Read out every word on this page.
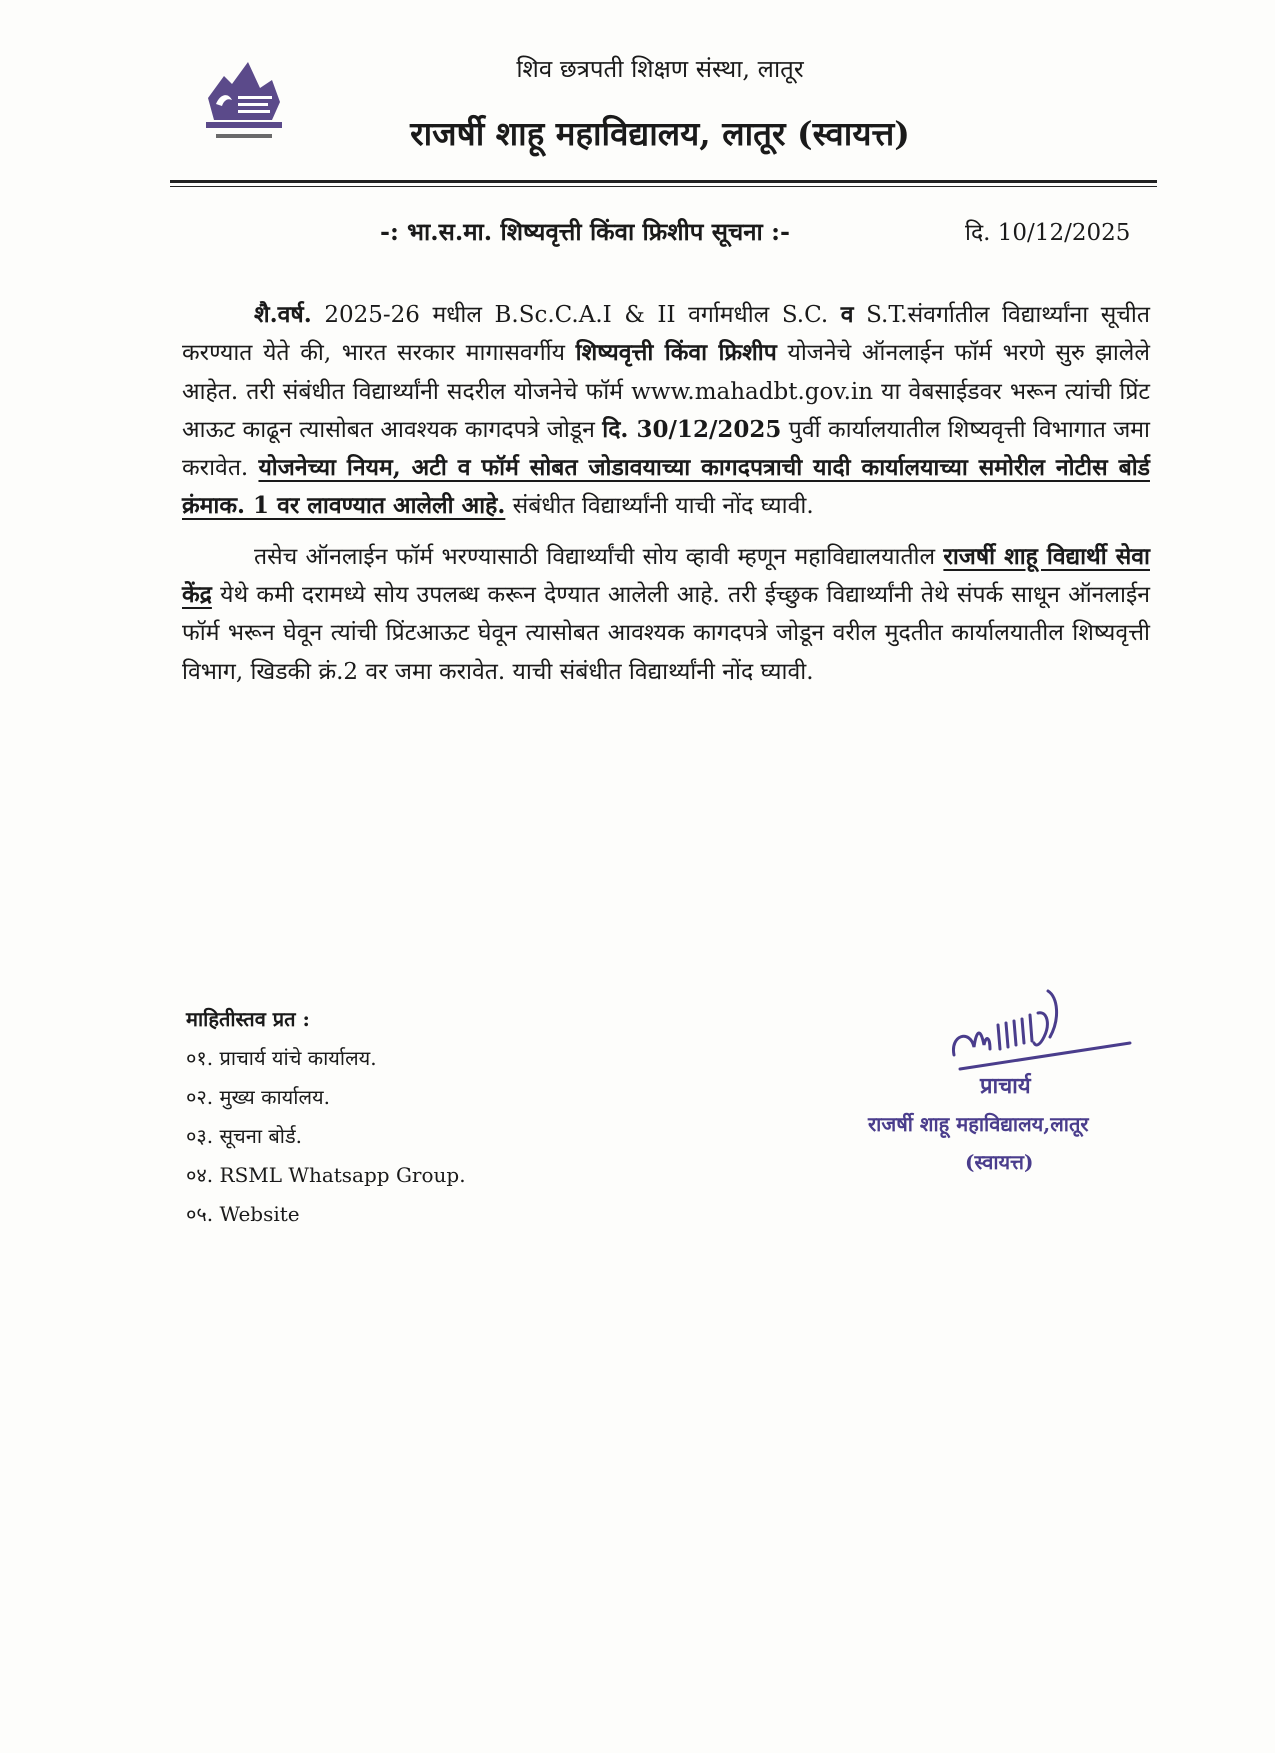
शिव छत्रपती शिक्षण संस्था, लातूर
राजर्षी शाहू महाविद्यालय, लातूर (स्वायत्त)
-: भा.स.मा. शिष्यवृत्ती किंवा फ्रिशीप सूचना :-	दि. 10/12/2025

शै.वर्ष. 2025-26 मधील B.Sc.C.A.I & II वर्गामधील S.C. व S.T.संवर्गातील विद्यार्थ्यांना सूचीत करण्यात येते की, भारत सरकार मागासवर्गीय शिष्यवृत्ती किंवा फ्रिशीप योजनेचे ऑनलाईन फॉर्म भरणे सुरु झालेले आहेत. तरी संबंधीत विद्यार्थ्यांनी सदरील योजनेचे फॉर्म www.mahadbt.gov.in या वेबसाईडवर भरून त्यांची प्रिंट आऊट काढून त्यासोबत आवश्यक कागदपत्रे जोडून दि. 30/12/2025 पुर्वी कार्यालयातील शिष्यवृत्ती विभागात जमा करावेत. योजनेच्या नियम, अटी व फॉर्म सोबत जोडावयाच्या कागदपत्राची यादी कार्यालयाच्या समोरील नोटीस बोर्ड क्रंमाक. 1 वर लावण्यात आलेली आहे. संबंधीत विद्यार्थ्यांनी याची नोंद घ्यावी.

तसेच ऑनलाईन फॉर्म भरण्यासाठी विद्यार्थ्यांची सोय व्हावी म्हणून महाविद्यालयातील राजर्षी शाहू विद्यार्थी सेवा केंद्र येथे कमी दरामध्ये सोय उपलब्ध करून देण्यात आलेली आहे. तरी ईच्छुक विद्यार्थ्यांनी तेथे संपर्क साधून ऑनलाईन फॉर्म भरून घेवून त्यांची प्रिंटआऊट घेवून त्यासोबत आवश्यक कागदपत्रे जोडून वरील मुदतीत कार्यालयातील शिष्यवृत्ती विभाग, खिडकी क्रं.2 वर जमा करावेत. याची संबंधीत विद्यार्थ्यांनी नोंद घ्यावी.

माहितीस्तव प्रत :
०१. प्राचार्य यांचे कार्यालय.
०२. मुख्य कार्यालय.
०३. सूचना बोर्ड.
०४. RSML Whatsapp Group.
०५. Website
प्राचार्य
राजर्षी शाहू महाविद्यालय,लातूर
(स्वायत्त)
